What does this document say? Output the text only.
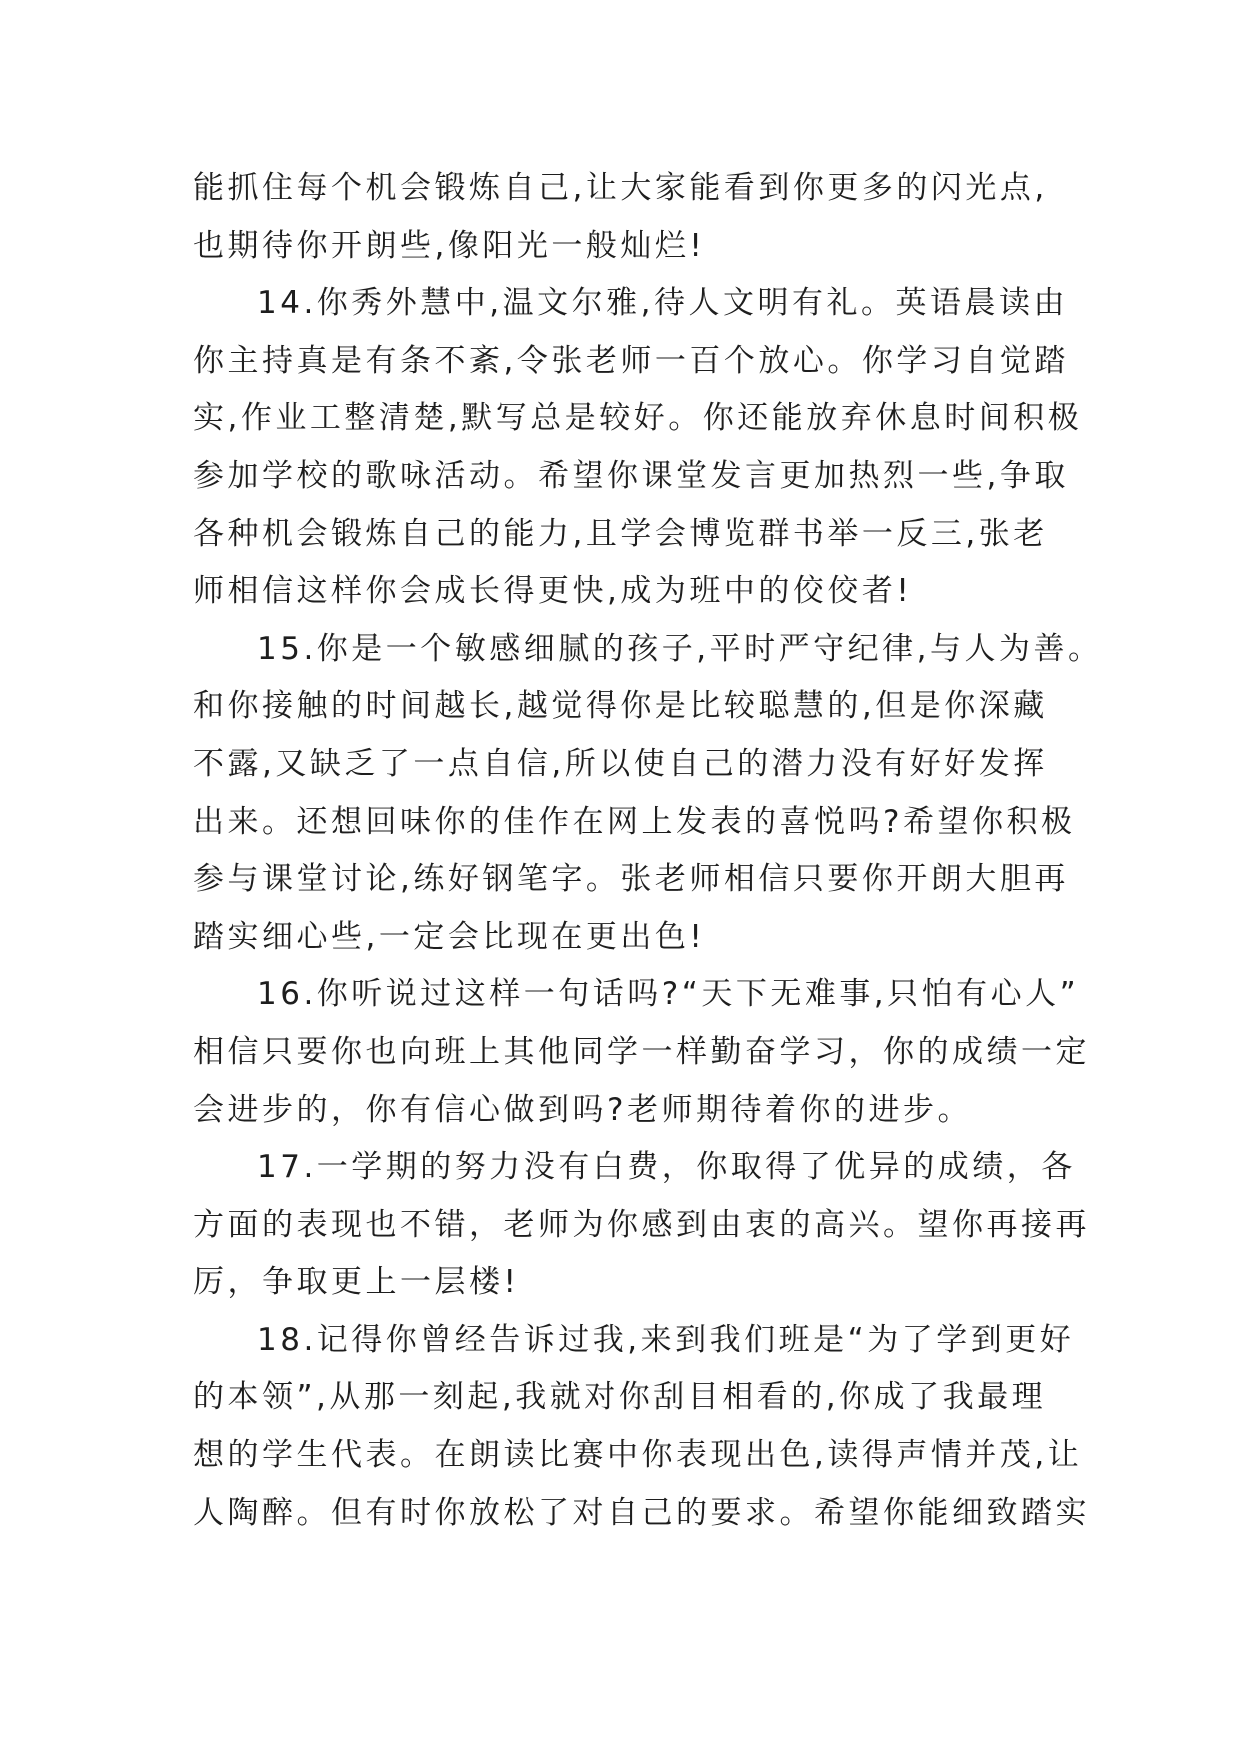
能抓住每个机会锻炼自己,让大家能看到你更多的闪光点,
也期待你开朗些,像阳光一般灿烂!
14.你秀外慧中,温文尔雅,待人文明有礼。英语晨读由
你主持真是有条不紊,令张老师一百个放心。你学习自觉踏
实,作业工整清楚,默写总是较好。你还能放弃休息时间积极
参加学校的歌咏活动。希望你课堂发言更加热烈一些,争取
各种机会锻炼自己的能力,且学会博览群书举一反三,张老
师相信这样你会成长得更快,成为班中的佼佼者!
15.你是一个敏感细腻的孩子,平时严守纪律,与人为善。
和你接触的时间越长,越觉得你是比较聪慧的,但是你深藏
不露,又缺乏了一点自信,所以使自己的潜力没有好好发挥
出来。还想回味你的佳作在网上发表的喜悦吗?希望你积极
参与课堂讨论,练好钢笔字。张老师相信只要你开朗大胆再
踏实细心些,一定会比现在更出色!
16.你听说过这样一句话吗?“天下无难事,只怕有心人”
相信只要你也向班上其他同学一样勤奋学习，你的成绩一定
会进步的，你有信心做到吗?老师期待着你的进步。
17.一学期的努力没有白费，你取得了优异的成绩，各
方面的表现也不错，老师为你感到由衷的高兴。望你再接再
厉，争取更上一层楼!
18.记得你曾经告诉过我,来到我们班是“为了学到更好
的本领”,从那一刻起,我就对你刮目相看的,你成了我最理
想的学生代表。在朗读比赛中你表现出色,读得声情并茂,让
人陶醉。但有时你放松了对自己的要求。希望你能细致踏实
